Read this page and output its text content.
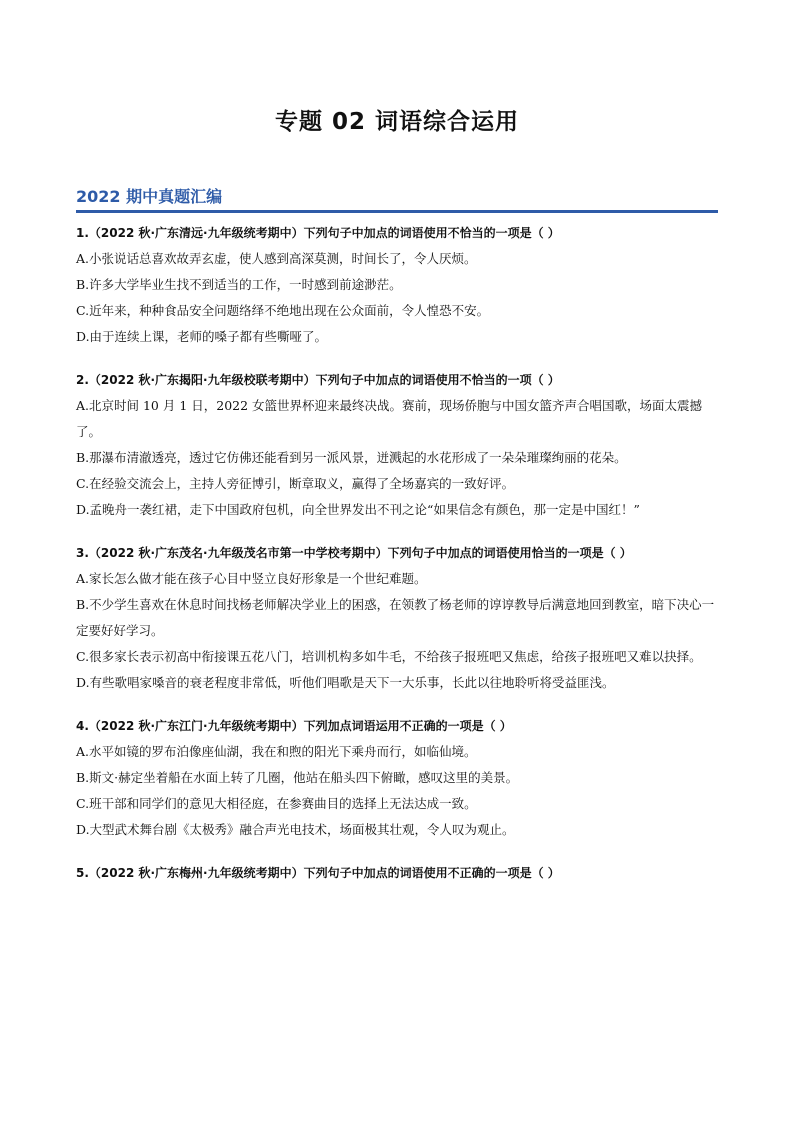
专题 02 词语综合运用
2022 期中真题汇编
1.（2022 秋·广东清远·九年级统考期中）下列句子中加点的词语使用不恰当的一项是（ ）
A.小张说话总喜欢故弄玄虚，使人感到高深莫测，时间长了，令人厌烦。
B.许多大学毕业生找不到适当的工作，一时感到前途渺茫。
C.近年来，种种食品安全问题络绎不绝地出现在公众面前，令人惶恐不安。
D.由于连续上课，老师的嗓子都有些嘶哑了。
2.（2022 秋·广东揭阳·九年级校联考期中）下列句子中加点的词语使用不恰当的一项（ ）
A.北京时间 10 月 1 日，2022 女篮世界杯迎来最终决战。赛前，现场侨胞与中国女篮齐声合唱国歌，场面太震撼了。
B.那瀑布清澈透亮，透过它仿佛还能看到另一派风景，迸溅起的水花形成了一朵朵璀璨绚丽的花朵。
C.在经验交流会上，主持人旁征博引，断章取义，赢得了全场嘉宾的一致好评。
D.孟晚舟一袭红裙，走下中国政府包机，向全世界发出不刊之论“如果信念有颜色，那一定是中国红！”
3.（2022 秋·广东茂名·九年级茂名市第一中学校考期中）下列句子中加点的词语使用恰当的一项是（ ）
A.家长怎么做才能在孩子心目中竖立良好形象是一个世纪难题。
B.不少学生喜欢在休息时间找杨老师解决学业上的困惑，在领教了杨老师的谆谆教导后满意地回到教室，暗下决心一定要好好学习。
C.很多家长表示初高中衔接课五花八门，培训机构多如牛毛，不给孩子报班吧又焦虑，给孩子报班吧又难以抉择。
D.有些歌唱家嗓音的衰老程度非常低，听他们唱歌是天下一大乐事，长此以往地聆听将受益匪浅。
4.（2022 秋·广东江门·九年级统考期中）下列加点词语运用不正确的一项是（ ）
A.水平如镜的罗布泊像座仙湖，我在和煦的阳光下乘舟而行，如临仙境。
B.斯文·赫定坐着船在水面上转了几圈，他站在船头四下俯瞰，感叹这里的美景。
C.班干部和同学们的意见大相径庭，在参赛曲目的选择上无法达成一致。
D.大型武术舞台剧《太极秀》融合声光电技术，场面极其壮观，令人叹为观止。
5.（2022 秋·广东梅州·九年级统考期中）下列句子中加点的词语使用不正确的一项是（ ）
